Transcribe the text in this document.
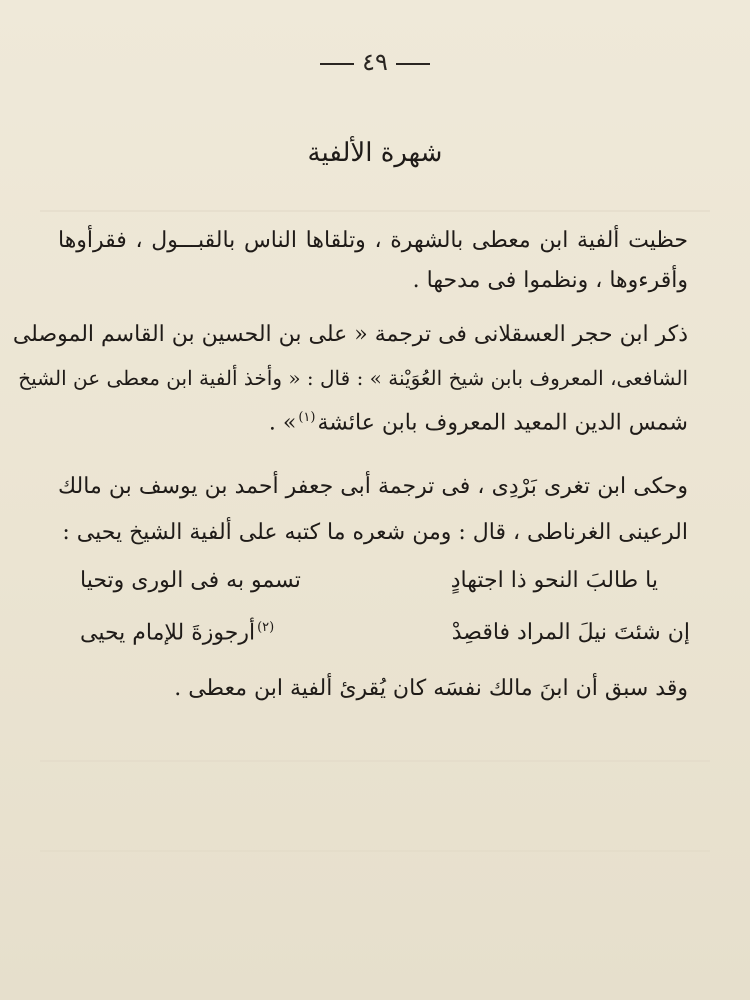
٤٩
شهرة الألفية
حظيت ألفية ابن معطى بالشهرة ، وتلقاها الناس بالقبـــول ، فقرأوها
وأقرءوها ، ونظموا فى مدحها .
ذكر ابن حجر العسقلانى فى ترجمة « على بن الحسين بن القاسم الموصلى
الشافعى، المعروف بابن شيخ العُوَيْنة » : قال : « وأخذ ألفية ابن معطى عن الشيخ
شمس الدين المعيد المعروف بابن عائشة$^{(١)}$» .
وحكى ابن تغرى بَرْدِى ، فى ترجمة أبى جعفر أحمد بن يوسف بن مالك
الرعينى الغرناطى ، قال : ومن شعره ما كتبه على ألفية الشيخ يحيى :
يا طالبَ النحو ذا اجتهادٍ
تسمو به فى الورى وتحيا
إن شئتَ نيلَ المراد فاقصِدْ
$^{(٢)}$أرجوزةَ للإمام يحيى
وقد سبق أن ابنَ مالك نفسَه كان يُقرئ ألفية ابن معطى .
